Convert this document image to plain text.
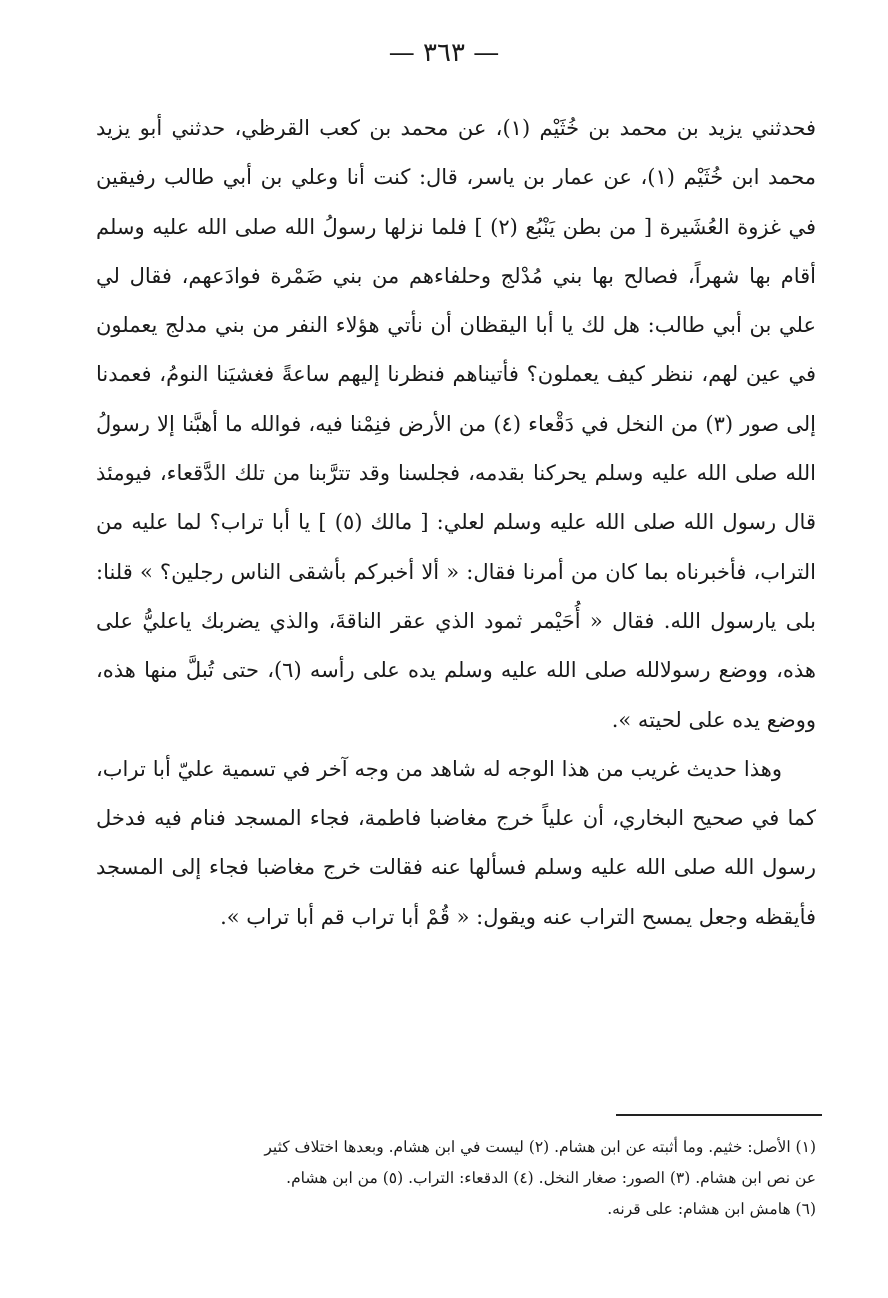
— ٣٦٣ —

فحدثني يزيد بن محمد بن خُثَيْم (١)، عن محمد بن كعب القرظي، حدثني أبو يزيد محمد ابن خُثَيْم (١)، عن عمار بن ياسر، قال: كنت أنا وعلي بن أبي طالب رفيقين في غزوة العُشَيرة [ من بطن يَنْبُع (٢) ] فلما نزلها رسولُ الله صلى الله عليه وسلم أقام بها شهراً، فصالح بها بني مُدْلج وحلفاءهم من بني ضَمْرة فوادَعهم، فقال لي علي بن أبي طالب: هل لك يا أبا اليقظان أن نأتي هؤلاء النفر من بني مدلج يعملون في عين لهم، ننظر كيف يعملون؟ فأتيناهم فنظرنا إليهم ساعةً فغشيَنا النومُ، فعمدنا إلى صور (٣) من النخل في دَقْعاء (٤) من الأرض فنِمْنا فيه، فوالله ما أهبَّنا إلا رسولُ الله صلى الله عليه وسلم يحركنا بقدمه، فجلسنا وقد تترَّبنا من تلك الدَّقعاء، فيومئذ قال رسول الله صلى الله عليه وسلم لعلي: [ مالك (٥) ] يا أبا تراب؟ لما عليه من التراب، فأخبرناه بما كان من أمرنا فقال: « ألا أخبركم بأشقى الناس رجلين؟ » قلنا: بلى يارسول الله. فقال « أُحَيْمر ثمود الذي عقر الناقةَ، والذي يضربك ياعليُّ على هذه، ووضع رسولالله صلى الله عليه وسلم يده على رأسه (٦)، حتى تُبلَّ منها هذه، ووضع يده على لحيته ».

وهذا حديث غريب من هذا الوجه له شاهد من وجه آخر في تسمية عليّ أبا تراب، كما في صحيح البخاري، أن علياً خرج مغاضبا فاطمة، فجاء المسجد فنام فيه فدخل رسول الله صلى الله عليه وسلم فسألها عنه فقالت خرج مغاضبا فجاء إلى المسجد فأيقظه وجعل يمسح التراب عنه ويقول: « قُمْ أبا تراب قم أبا تراب ».

(١) الأصل: خثيم. وما أثبته عن ابن هشام. (٢) ليست في ابن هشام. وبعدها اختلاف كثير

عن نص ابن هشام. (٣) الصور: صغار النخل. (٤) الدقعاء: التراب. (٥) من ابن هشام.

(٦) هامش ابن هشام: على قرنه.
